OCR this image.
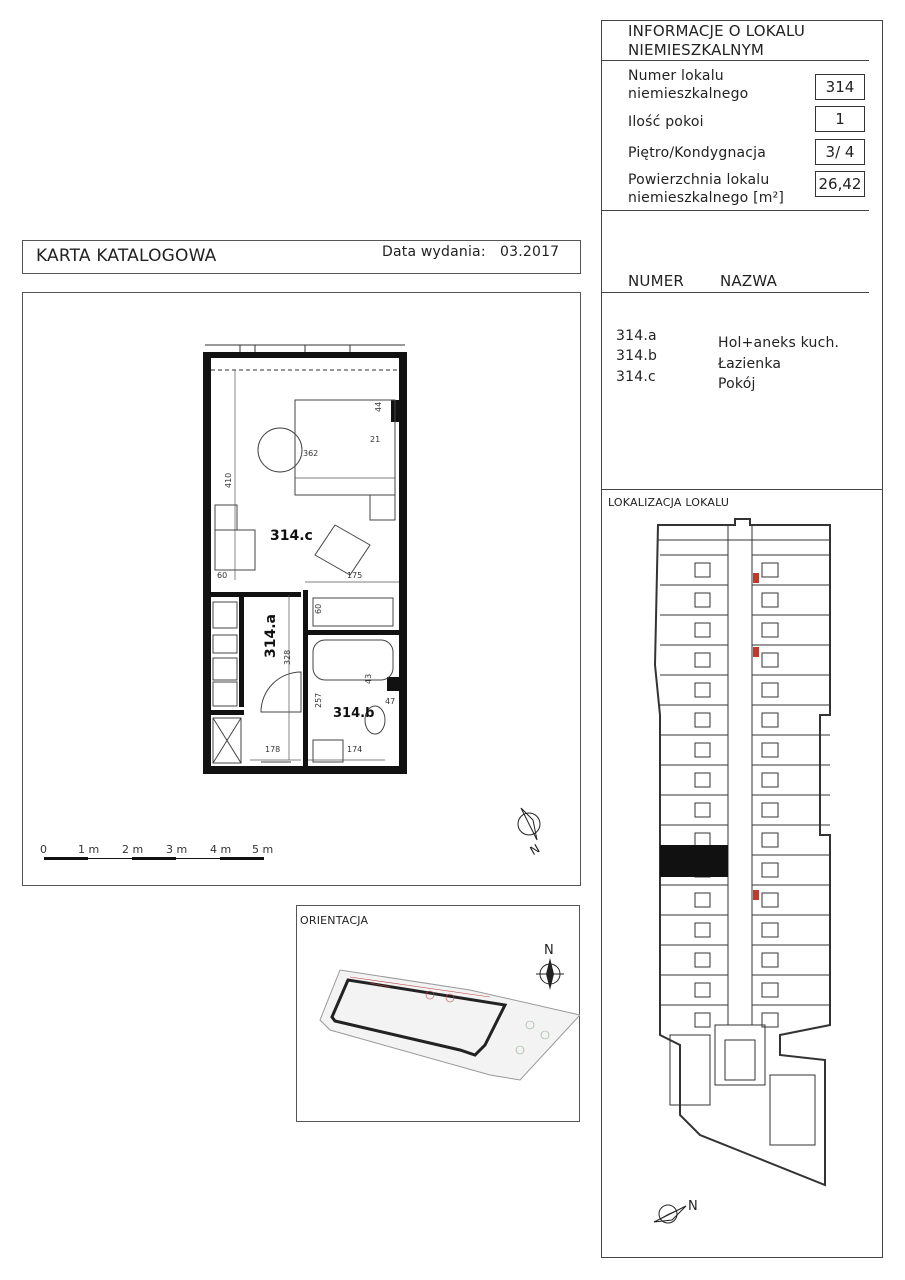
INFORMACJE O LOKALU
NIEMIESZKALNYM
Numer lokalu
niemieszkalnego	314
Ilość pokoi	1
Piętro/Kondygnacja	3/ 4
Powierzchnia lokalu
niemieszkalnego [m²]
26,42
NUMER NAZWA
314.a	Hol+aneks kuch.
314.b	Łazienka
314.c	Pokój
LOKALIZACJA LOKALU
N
KARTA KATALOGOWA	Data wydania: 03.2017
314.c
314.a
314.b
362
44
21
410
60	175
60
328
43
47
257
178	174
0	1 m 2 m 3 m 4 m 5 m	N
ORIENTACJA
N
